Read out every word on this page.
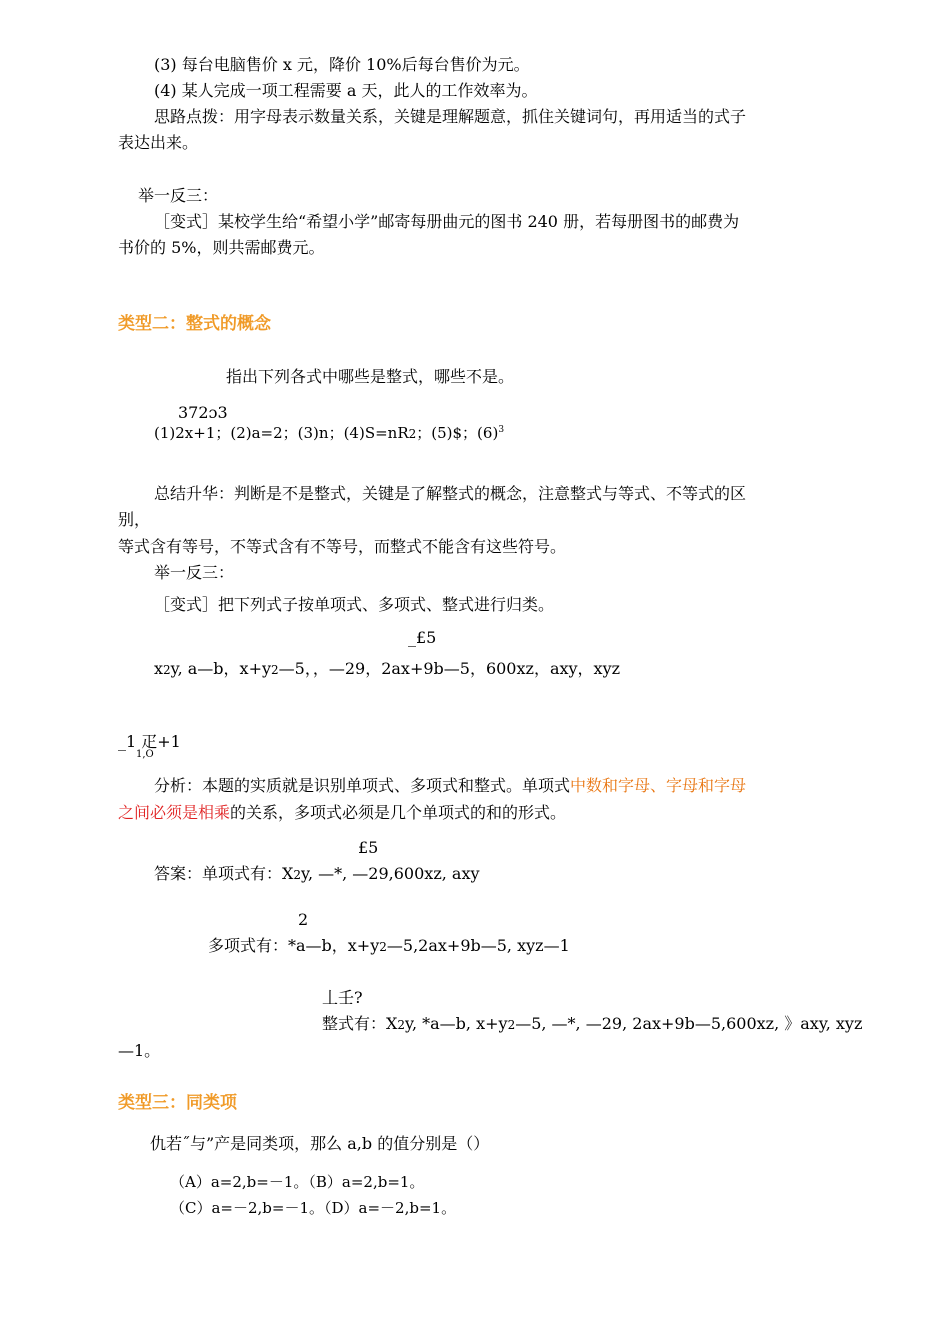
(3) 每台电脑售价 x 元，降价 10%后每台售价为元。
(4) 某人完成一项工程需要 a 天，此人的工作效率为。
思路点拨：用字母表示数量关系，关键是理解题意，抓住关键词句，再用适当的式子
表达出来。
举一反三：
［变式］某校学生给“希望小学”邮寄每册曲元的图书 240 册，若每册图书的邮费为
书价的 5%，则共需邮费元。
类型二：整式的概念
指出下列各式中哪些是整式，哪些不是。
372ɔ3
(1)2x+1；(2)a=2；(3)n；(4)S=nR2；(5)$；$(6)^3$
总结升华：判断是不是整式，关键是了解整式的概念，注意整式与等式、不等式的区
别，
等式含有等号，不等式含有不等号，而整式不能含有这些符号。
举一反三：
［变式］把下列式子按单项式、多项式、整式进行归类。
_£5
x2y, a—b，x+y2—5，，—29，2ax+9b—5，600xz，axy，xyz
_1 疋+1
1,O
分析：本题的实质就是识别单项式、多项式和整式。单项式中数和字母、字母和字母
之间必须是相乘的关系，多项式必须是几个单项式的和的形式。
£5
答案：单项式有：X2y, —*, —29,600xz, axy
2
多项式有：*a—b，x+y2—5,2ax+9b—5, xyz—1
丄壬?
整式有：X2y, *a—b, x+y2—5, —*, —29, 2ax+9b—5,600xz, 》axy, xyz
—1。
类型三：同类项
仇若˝与”产是同类项，那么 a,b 的值分别是（）
（A）a=2,b=－1。（B）a=2,b=1。
（C）a=－2,b=－1。（D）a=－2,b=1。
